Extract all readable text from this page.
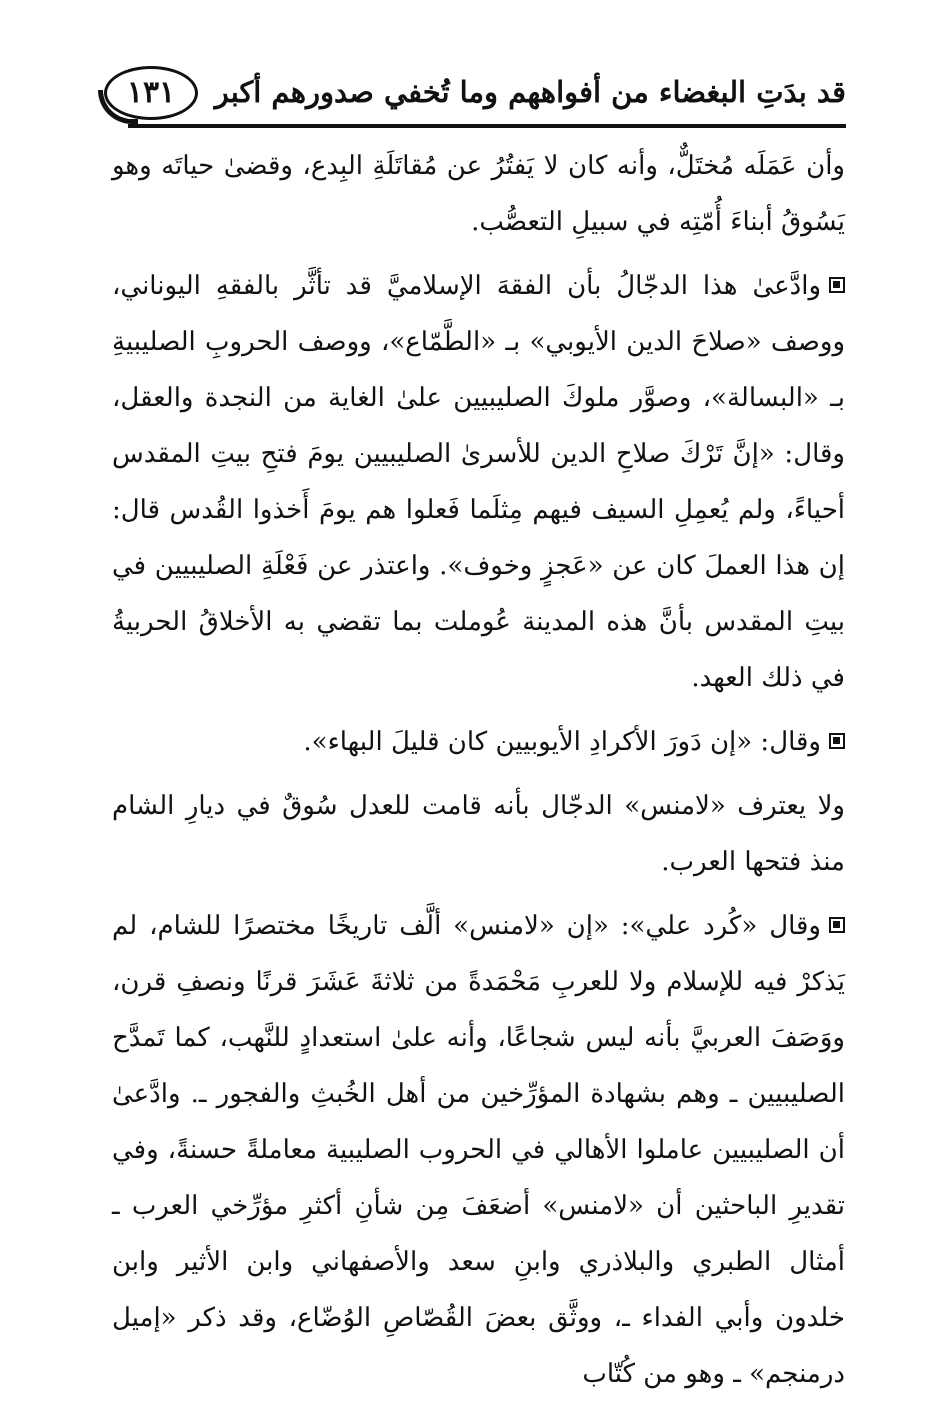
قد بدَتِ البغضاء من أفواههم وما تُخفي صدورهم أكبر
١٣١

وأن عَمَلَه مُختَلٌّ، وأنه كان لا يَفتُرُ عن مُقاتَلَةِ البِدع، وقضىٰ حياتَه وهو يَسُوقُ أبناءَ أُمّتِه في سبيلِ التعصُّب.

وادَّعىٰ هذا الدجّالُ بأن الفقهَ الإسلاميَّ قد تأثَّر بالفقهِ اليوناني، ووصف «صلاحَ الدين الأيوبي» بـ «الطَّمّاع»، ووصف الحروبِ الصليبيةِ بـ «البسالة»، وصوَّر ملوكَ الصليبيين علىٰ الغاية من النجدة والعقل، وقال: «إنَّ تَرْكَ صلاحِ الدين للأسرىٰ الصليبيين يومَ فتحِ بيتِ المقدس أحياءً، ولم يُعمِلِ السيف فيهم مِثلَما فَعلوا هم يومَ أَخذوا القُدس قال: إن هذا العملَ كان عن «عَجزٍ وخوف». واعتذر عن فَعْلَةِ الصليبيين في بيتِ المقدس بأنَّ هذه المدينة عُوملت بما تقضي به الأخلاقُ الحربيةُ في ذلك العهد.

وقال: «إن دَورَ الأكرادِ الأيوبيين كان قليلَ البهاء».

ولا يعترف «لامنس» الدجّال بأنه قامت للعدل سُوقٌ في ديارِ الشام منذ فتحها العرب.

وقال «كُرد علي»: «إن «لامنس» ألَّف تاريخًا مختصرًا للشام، لم يَذكرْ فيه للإسلام ولا للعربِ مَحْمَدةً من ثلاثةَ عَشَرَ قرنًا ونصفِ قرن، ووَصَفَ العربيَّ بأنه ليس شجاعًا، وأنه علىٰ استعدادٍ للنَّهب، كما تَمدَّح الصليبيين ـ وهم بشهادة المؤرِّخين من أهل الخُبثِ والفجور ـ. وادَّعىٰ أن الصليبيين عاملوا الأهالي في الحروب الصليبية معاملةً حسنةً، وفي تقديرِ الباحثين أن «لامنس» أضعَفَ مِن شأنِ أكثرِ مؤرِّخي العرب ـ أمثال الطبري والبلاذري وابنِ سعد والأصفهاني وابن الأثير وابن خلدون وأبي الفداء ـ، ووثَّق بعضَ القُصّاصِ الوُضّاع، وقد ذكر «إميل درمنجم» ـ وهو من كُتّاب
